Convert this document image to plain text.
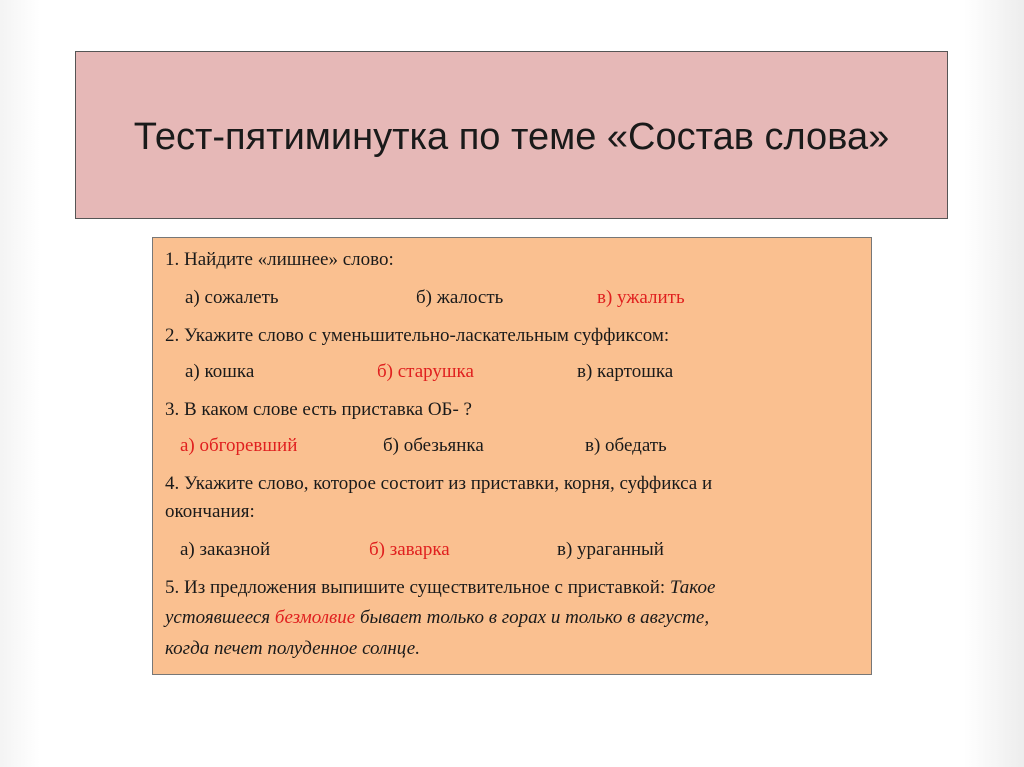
Тест-пятиминутка по теме «Состав слова»
1. Найдите «лишнее» слово:
а) сожалеть	б) жалость	в) ужалить
2. Укажите слово с уменьшительно-ласкательным суффиксом:
а) кошка	б) старушка	в) картошка
3. В каком слове есть приставка ОБ- ?
а) обгоревший	б) обезьянка	в) обедать
4. Укажите слово, которое состоит из приставки, корня, суффикса и
окончания:
а) заказной	б) заварка	в) ураганный
5. Из предложения выпишите существительное с приставкой: Такое
устоявшееся безмолвие бывает только в горах и только в августе,
когда печет полуденное солнце.
